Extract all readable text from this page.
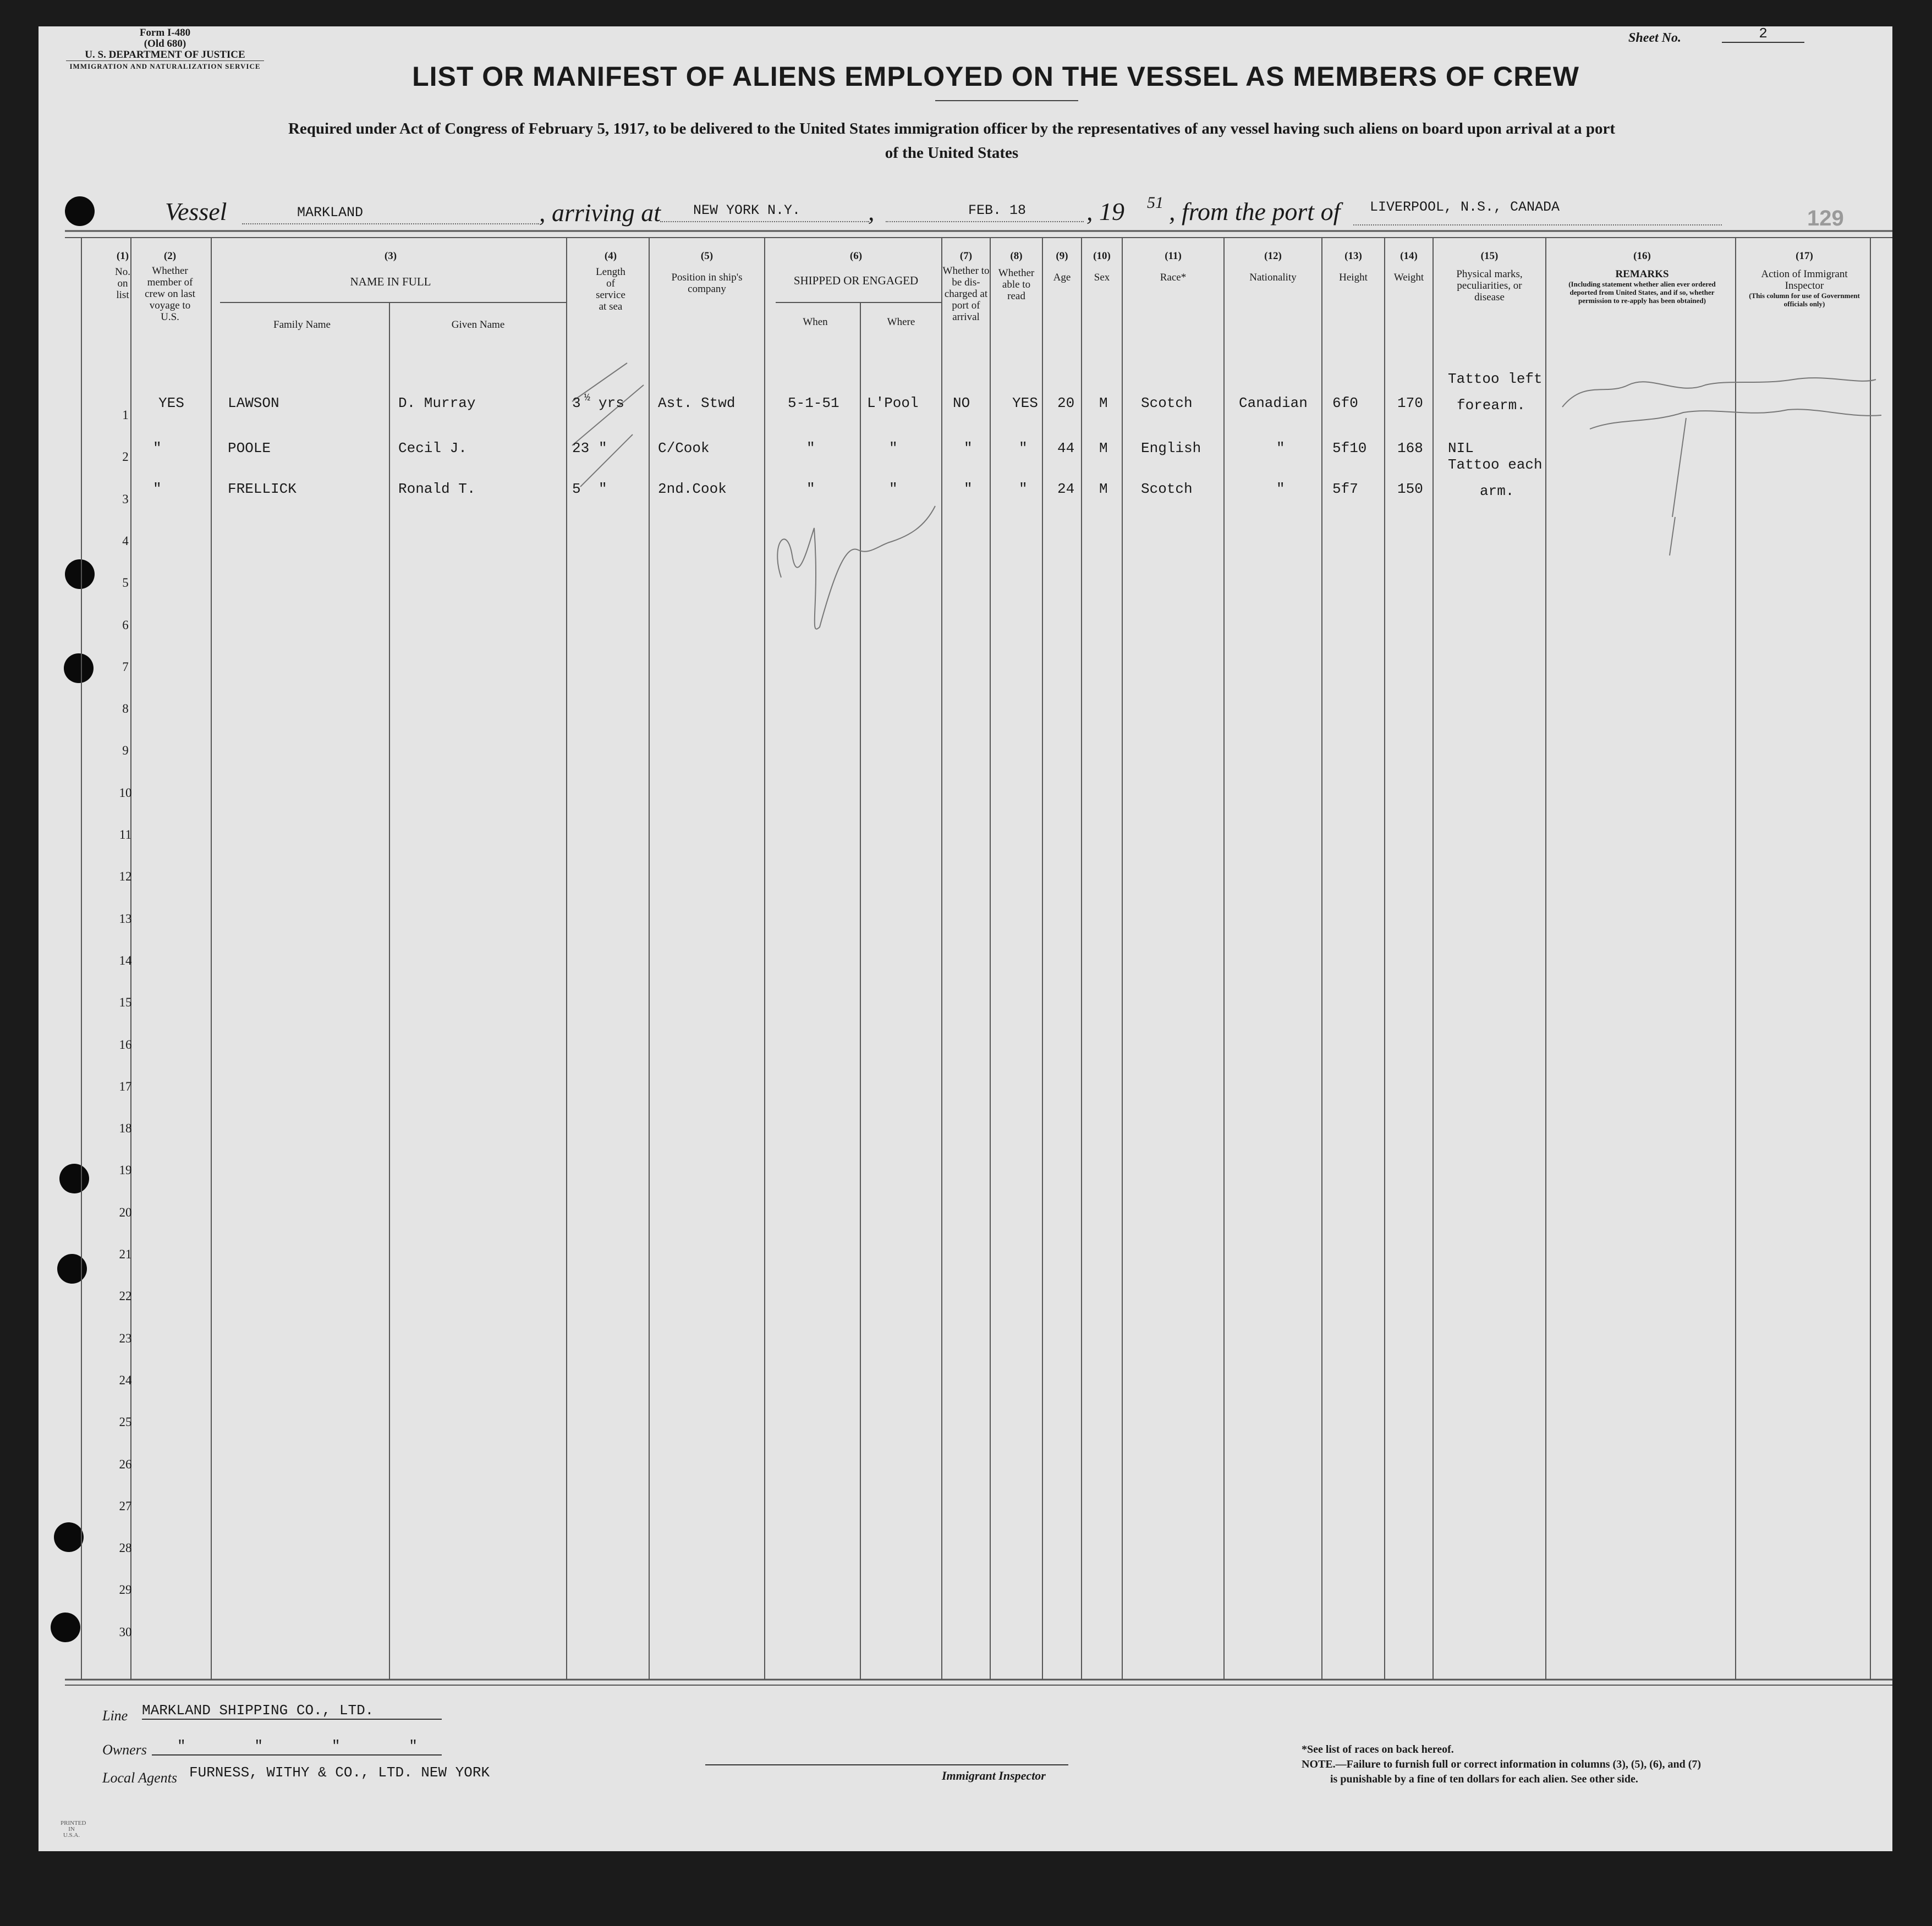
Form I-480
(Old 680)
U. S. DEPARTMENT OF JUSTICE
IMMIGRATION AND NATURALIZATION SERVICE
Sheet No.	2
LIST OR MANIFEST OF ALIENS EMPLOYED ON THE VESSEL AS MEMBERS OF CREW
Required under Act of Congress of February 5, 1917, to be delivered to the United States immigration officer by the representatives of any vessel having such aliens on board upon arrival at a port
of the United States
Vessel	MARKLAND	, arriving at	NEW YORK N.Y.	,	FEB. 18	, 19 51 , from the port of	LIVERPOOL, N.S., CANADA	129
(1)
No. on list
(2)
Whether member of crew on last voyage to U.S.
(3)
NAME IN FULL
Family Name	Given Name
(4)
Length of service at sea
(5)
Position in ship's company
(6)
SHIPPED OR ENGAGED
When	Where
(7)
Whether to be dis-charged at port of arrival
(8)
Whether able to read
(9)
Age
(10)
Sex
(11)
Race*
(12)
Nationality
(13)
Height
(14)
Weight
(15)
Physical marks, peculiarities, or disease
(16)
REMARKS
(Including statement whether alien ever ordered deported from United States, and if so, whether permission to re-apply has been obtained)
(17)
Action of Immigrant Inspector
(This column for use of Government officials only)
1
2
3
4
5
6
7
8
9
10
11
12
13
14
15
16
17
18
19
20
21
22
23
24
25
26
27
28
29
30
YES	LAWSON	D. Murray	3 ½ yrs Ast. Stwd	5-1-51 L'Pool NO	YES 20 M Scotch	Canadian 6f0	170
Tattoo left
forearm.
"	POOLE	Cecil J.	23 "	C/Cook	"	"	"	" 44 M English	"	5f10 168 NIL
"	FRELLICK	Ronald T.	5 "	2nd.Cook	"	"	"	" 24 M Scotch	"	5f7	150
Tattoo each
arm.
Line MARKLAND SHIPPING CO., LTD.
Owners	"        "        "        "
Local Agents FURNESS, WITHY & CO., LTD. NEW YORK	Immigrant Inspector
*See list of races on back hereof.
NOTE.—Failure to furnish full or correct information in columns (3), (5), (6), and (7)
is punishable by a fine of ten dollars for each alien. See other side.
PRINTED IN U.S.A.
